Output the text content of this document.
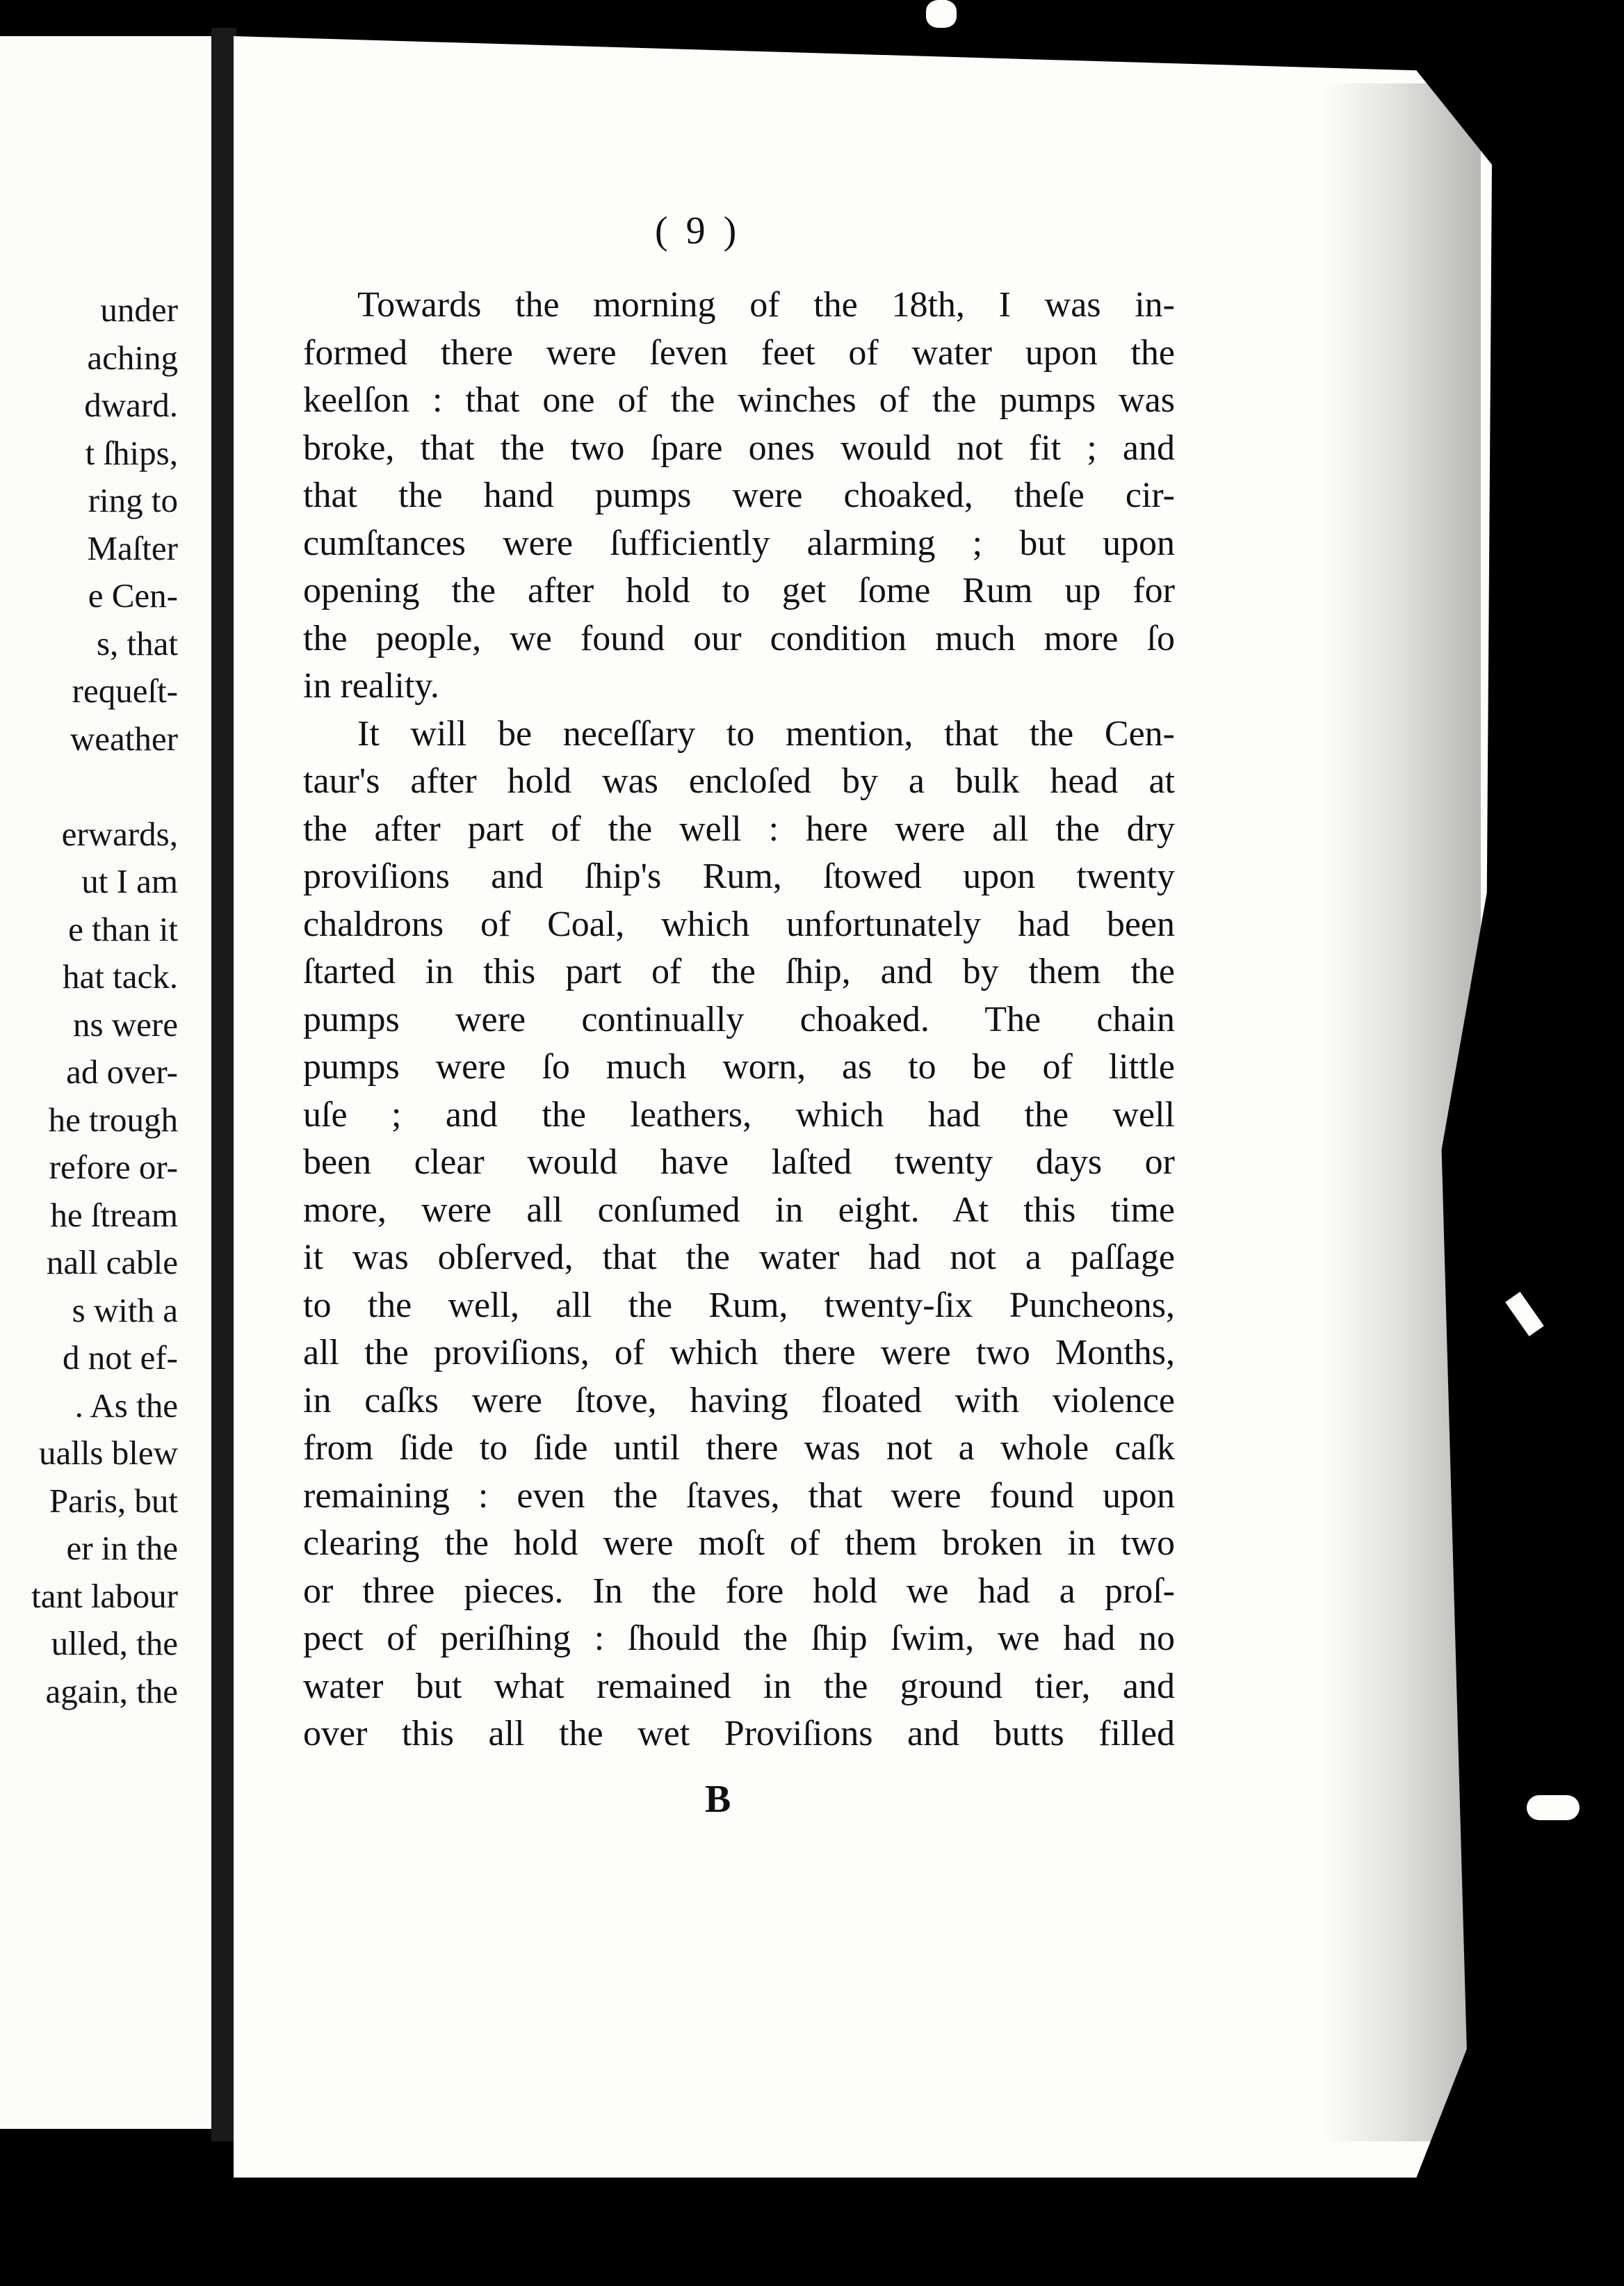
under
aching
dward.
t ſhips,
ring to
Maſter
e Cen-
s, that
requeſt-
weather
erwards,
ut I am
e than it
hat tack.
ns were
ad over-
he trough
refore or-
he ſtream
nall cable
s with a
d not ef-
. As the
ualls blew
Paris, but
er in the
tant labour
ulled, the
again, the

( 9 )

Towards the morning of the 18th, I was in-
formed there were ſeven feet of water upon the
keelſon : that one of the winches of the pumps was
broke, that the two ſpare ones would not fit ; and
that the hand pumps were choaked, theſe cir-
cumſtances were ſufficiently alarming ; but upon
opening the after hold to get ſome Rum up for
the people, we found our condition much more ſo
in reality.
It will be neceſſary to mention, that the Cen-
taur's after hold was encloſed by a bulk head at
the after part of the well : here were all the dry
proviſions and ſhip's Rum, ſtowed upon twenty
chaldrons of Coal, which unfortunately had been
ſtarted in this part of the ſhip, and by them the
pumps were continually choaked. The chain
pumps were ſo much worn, as to be of little
uſe ; and the leathers, which had the well
been clear would have laſted twenty days or
more, were all conſumed in eight. At this time
it was obſerved, that the water had not a paſſage
to the well, all the Rum, twenty-ſix Puncheons,
all the proviſions, of which there were two Months,
in caſks were ſtove, having floated with violence
from ſide to ſide until there was not a whole caſk
remaining : even the ſtaves, that were found upon
clearing the hold were moſt of them broken in two
or three pieces. In the fore hold we had a proſ-
pect of periſhing : ſhould the ſhip ſwim, we had no
water but what remained in the ground tier, and
over this all the wet Proviſions and butts filled

B
